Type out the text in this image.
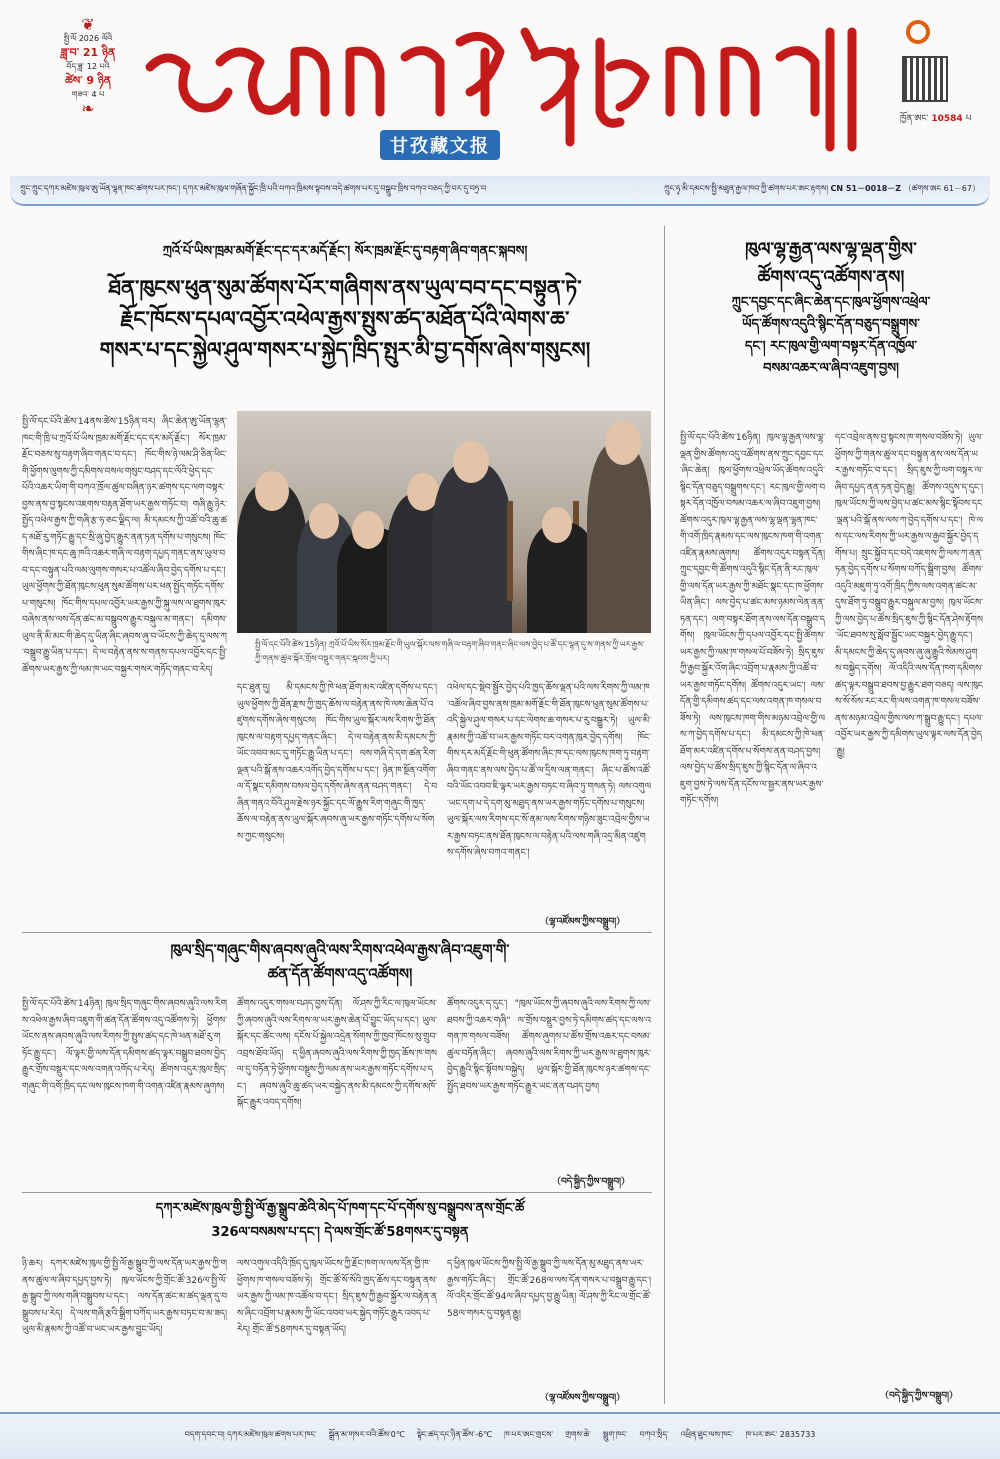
❦
སྤྱི་ལོ 2026 ལོའི
ཟླ་བ་ 21 ཉིན
བོད་ཟླ་ 12 པའི
ཚེས་ 9 ཉིན
གཟའ་ 4 པ
❧
甘孜藏文报
ཁྱོན་ཨང་ 10584 པ
ཀྲུང་ཀྲུང་དཀར་མཛེས་ཁུལ་ཨུ་ཡོན་ལྷན་ཁང་ཚགས་པར་ཁང་། དཀར་མཛེས་ཁུལ་གཞོན་སྐྱོང་ཁྲི་པའི་བཀའ་ཁྲིམས་སྟབས་བདེ་ཚགས་པར་དུ་བསྒྲུབ་ཁྲིས་བཀའ་བཅད་ཀྱི་བར་དུ་བཏྲ་བ	ཀྲུང་ཧྭ་མི་དམངས་སྤྱི་མཐུན་རྒྱལ་ཁབ་ཀྱི་ཚགས་པར་ཨང་རྟགས། CN 51－0018－Z （ཚགས་ཨང 61－67）
ཀྲའོ་པོ་ཡིས་ཁྲམ་མགོ་རྗོང་དང་དར་མདོ་རྗོང་། སོར་ཁྲམ་རྗོང་དུ་བརྟག་ཞིབ་གནང་སྐབས།
ཐོན་ཁུངས་ཕུན་སུམ་ཚོགས་པོར་གཞིགས་ནས་ཡུལ་བབ་དང་བསྟུན་ཏེ་
རྗོང་ཁོངས་དཔལ་འབྱོར་འཕེལ་རྒྱས་སྤུས་ཚད་མཐོན་པོའི་ལེགས་ཆ་
གསར་པ་དང་སྐྱེལ་ཤུལ་གསར་པ་སྐྱེད་ཁྲིད་སྤུར་མི་བྱ་དགོས་ཞེས་གསུངས།
སྤྱི་ལོ་དང་པོའི་ཚེས་14ནས་ཚེས་15ཉིན་བར། ཞིང་ཆེན་ཨུ་ཡོན་ལྷན་ཁང་གི་ཁྲི་པ་ཀྲའོ་པོ་ཡིས་ཁྲམ་མགོ་རྗོང་དང་དར་མདོ་རྗོང་། སོར་ཁྲམ་རྗོང་བཅས་སུ་བརྟག་ཞིབ་གནང་བ་དང་། ཁོང་གིས་ཉེ་ལམ་ཤི་ཅིན་ཕིང་གི་ཕྱོགས་ལུགས་ཀྱི་དམིགས་བསལ་གསུང་བཤད་དང་ལོའི་ཕྱེད་དང་པོའི་འཆར་ཡིག་གི་བཀའ་ཁྲོལ་ཚུལ་བཞིན་ཉར་ཚགས་དང་ལག་བསྟར་བྱས་ནས་བྱ་སྟངས་འཇགས་བརྟན་ཐོག་ཡར་རྒྱས་གཏོང་བ། གཞི་རྒྱུ་ཉེར་སྤྱོད་འཕེལ་རྒྱས་ཀྱི་གཞི་རྩ་ཧ་ཅང་ལྗིད་ལ། མི་དམངས་ཀྱི་འཚོ་བའི་ཆུ་ཚད་མཐོ་རུ་གཏོང་རྒྱུ་དང་སྲི་ཞུ་བྱེད་རྒྱུར་ནན་ཏན་དགོས་པ་གསུངས། ཁོང་གིས་ཞིང་ཁ་དང་ཆུ་ཁའི་འཆར་གཞི་ལ་བརྟག་དཔྱད་གནང་ནས་ཡུལ་བབ་དང་བསྟུན་པའི་ལམ་ལུགས་གསར་པ་འཚོལ་ཞིབ་བྱེད་དགོས་པ་དང་། ཡུལ་ཕྱོགས་ཀྱི་ཐོན་ཁུངས་ཕུན་སུམ་ཚོགས་པར་ཕན་སྤྱོད་གཏོང་དགོས་པ་གསུངས། ཁོང་གིས་དཔལ་འབྱོར་ཡར་རྒྱས་ཀྱི་སྐུ་ལས་ལ་ཐུགས་ཁུར་བཞེས་ནས་ལས་དོན་ཚང་མ་བསྒྲུབས་རྒྱུར་བསྐུལ་མ་གནང་། དམིགས་ཡུལ་ནི་མི་མང་གི་ཆེད་དུ་ཡིན་ཞིང་ཞབས་ཞུ་བ་ཡོངས་ཀྱི་ཆེད་དུ་ལས་ཀ་བསྒྲུབ་རྒྱུ་ཡིན་པ་དང་། དེ་ལ་བརྟེན་ནས་ས་གནས་དཔལ་འབྱོར་དང་སྤྱི་ཚོགས་ཡར་རྒྱས་ཀྱི་ལམ་ཁ་ཡང་བསྐྱར་གསར་གཏོད་གནང་བ་རེད།
སྤྱི་ལོ་དང་པོའི་ཚེས་15ཉིན། ཀྲའོ་པོ་ཡིས་སོར་ཁྲམ་རྗོང་གི་ཡུལ་སྐོར་ལས་གཞི་ལ་བརྟག་ཞིབ་གནང་ཞིང་ལས་བྱེད་པ་ཚོ་དང་ལྷན་དུ་ས་གནས་ཀྱི་ཡར་རྒྱས་ཀྱི་གནས་ཚུལ་སྐོར་གྲོས་བསྡུར་གནང་སྐབས་ཀྱི་པར།
དང་ཐུན་དུ། མི་དམངས་ཀྱི་ཁེ་ཕན་ཐོག་མར་འཛིན་དགོས་པ་དང་། ཡུལ་ཕྱོགས་ཀྱི་ཐོན་རྫས་ཀྱི་ཁྱད་ཆོས་ལ་བརྟེན་ནས་ཁེ་ལས་ཆེན་པོ་འཛུགས་དགོས་ཞེས་གསུངས། ཁོང་གིས་ཡུལ་སྐོར་ལས་རིགས་ཀྱི་ཐོན་ཁུངས་ལ་བརྟག་དཔྱད་གནང་ཞིང་། དེ་ལ་བརྟེན་ནས་མི་དམངས་ཀྱི་ཡོང་འབབ་མང་དུ་གཏོང་རྒྱུ་ཡིན་པ་དང་། ལས་གཞི་དེ་དག་ཚན་རིག་ལྡན་པའི་སྒོ་ནས་འཆར་འགོད་བྱེད་དགོས་པ་དང་། ཉེན་ཁ་སྔོན་འགོག་ལ་དོ་སྣང་དམིགས་བསལ་བྱེད་དགོས་ཞེས་ནན་བཤད་གནང་། དེ་བཞིན་གནའ་བོའི་ཤུལ་རྗེས་ཉར་སྐྱོང་དང་ལོ་རྒྱུས་རིག་གཞུང་གི་ཁྱད་ཆོས་ལ་བརྟེན་ནས་ཡུལ་སྐོར་ཞབས་ཞུ་ཡར་རྒྱས་གཏོང་དགོས་པ་སོགས་ཀྱང་གསུངས།
འཕེལ་དང་སྡེབ་སྦྱོར་བྱེད་པའི་ཁྱད་ཆོས་ལྡན་པའི་ལས་རིགས་ཀྱི་ལམ་ཁ་འཚོལ་ཞིབ་བྱས་ནས་ཁྲམ་མགོ་རྗོང་གི་ཐོན་ཁུངས་ཕུན་སུམ་ཚོགས་པ་འདི་སྐྱེལ་ཤུལ་གསར་པ་དང་ལེགས་ཆ་གསར་པ་རུ་བསྒྱུར་ཏེ། ཡུལ་མི་རྣམས་ཀྱི་འཚོ་བ་ཡར་རྒྱས་གཏོང་བར་འགན་ཁུར་བྱེད་དགོས། ཁོང་གིས་དར་མདོ་རྗོང་གི་ཕུན་ཚོགས་ཞིང་ཁ་དང་ལས་ཁུངས་ཁག་ཏུ་བརྟག་ཞིབ་གནང་ནས་ལས་བྱེད་པ་ཚོ་ལ་དྲིས་ལན་གནང་། ཞིང་པ་ཚོས་འཚོ་བའི་ཡོང་འབབ་ཇི་ལྟར་ཡར་རྒྱས་བཏང་བ་ཞིབ་ཏུ་གསན་ཏེ། ལས་འགུལ་ཡང་དག་པ་དེ་དག་མུ་མཐུད་ནས་ཡར་རྒྱས་གཏོང་དགོས་པ་གསུངས། ཡུལ་སྐོར་ལས་རིགས་དང་སོ་ནམ་ལས་རིགས་གཉིས་ཟུང་འབྲེལ་གྱིས་ཡར་རྒྱས་བཏང་ནས་ཐོན་ཁུངས་ལ་བརྟེན་པའི་ལས་གཞི་འདྲ་མིན་འཛུགས་དགོས་ཞེས་བཀའ་གནང་།
（ལྷ་འཛོམས་ཀྱིས་བསྒྲུབ།）
ཁུལ་སྲིད་གཞུང་གིས་ཞབས་ཞུའི་ལས་རིགས་འཕེལ་རྒྱས་ཞིབ་འཇུག་གི་
ཚན་དོན་ཚོགས་འདུ་འཚོགས།
སྤྱི་ལོ་དང་པོའི་ཚེས་14ཉིན། ཁུལ་སྲིད་གཞུང་གིས་ཞབས་ཞུའི་ལས་རིགས་འཕེལ་རྒྱས་ཞིབ་འཇུག་གི་ཚན་དོན་ཚོགས་འདུ་འཚོགས་ཏེ། ཕྱོགས་ཡོངས་ནས་ཞབས་ཞུའི་ལས་རིགས་ཀྱི་སྤུས་ཚད་དང་ཁེ་ཕན་མཐོ་རུ་གཏོང་རྒྱུ་དང་། ལོ་ལྟར་གྱི་ལས་དོན་དམིགས་ཚད་ལྟར་བསྒྲུབ་ཐབས་བྱེད་རྒྱུར་གྲོས་བསྡུར་དང་ལས་འགན་འགོད་པ་རེད། ཚོགས་འདུར་ཁུལ་སྲིད་གཞུང་གི་འགོ་ཁྲིད་དང་ལས་ཁུངས་ཁག་གི་འགན་འཛིན་རྣམས་ཞུགས།
ཚོགས་འདུར་གསལ་བཤད་བྱས་དོན། ལོ་ཤས་ཀྱི་རིང་ལ་ཁུལ་ཡོངས་ཀྱི་ཞབས་ཞུའི་ལས་རིགས་ལ་ཡར་རྒྱས་ཆེན་པོ་བྱུང་ཡོད་པ་དང་། ཡུལ་སྐོར་དང་ཚོང་ལས། དངོས་པོ་སྐྱེལ་འདྲེན་སོགས་ཀྱི་ཁྱབ་ཁོངས་སུ་གྲུབ་འབྲས་ཐོབ་ཡོད། ད་ཕྱིན་ཞབས་ཞུའི་ལས་རིགས་ཀྱི་ཁྱད་ཆོས་ཁ་གསལ་དུ་བཏོན་ཏེ་ཕྱོགས་བསྡུས་ཀྱི་ལམ་ནས་ཡར་རྒྱས་གཏོང་དགོས་པ་དང་། ཞབས་ཞུའི་ཆུ་ཚད་ཡར་བསྐྱེད་ནས་མི་དམངས་ཀྱི་དགོས་མཁོ་སྐོང་རྒྱུར་འབད་དགོས།
ཚོགས་འདུར་ད་དུང་། "ཁུལ་ཡོངས་ཀྱི་ཞབས་ཞུའི་ལས་རིགས་ཀྱི་ལས་ཐབས་ཀྱི་འཆར་གཞི" ལ་གྲོས་བསྡུར་བྱས་ཏེ་དམིགས་ཚད་དང་ལས་འགན་ཁ་གསལ་བཟོས། ཚོགས་ཞུགས་པ་ཚོས་གྲོས་འཆར་དང་བསམ་ཚུལ་བཏོན་ཞིང་། ཞབས་ཞུའི་ལས་རིགས་ཀྱི་ཡར་རྒྱས་ལ་ཐུགས་ཁུར་བྱེད་རྒྱུའི་སྙིང་སྟོབས་བསྐྱེད། ཡུལ་སྐོར་གྱི་ཐོན་ཁུངས་ཉར་ཚགས་དང་སྤྱོད་ཐབས་ཡར་རྒྱས་གཏོང་རྒྱུར་ཡང་ནན་བཤད་བྱས།
（བདེ་སྐྱིད་ཀྱིས་བསྒྲུབ།）
དཀར་མཛེས་ཁུལ་གྱི་སྤྱི་ལོ་རྒྱ་སྒྲུབ་ཆེའི་མེད་པོ་ཁག་དང་པོ་དགོས་སུ་བསྒྲུབས་ནས་གྲོང་ཚོ
326ལ་བསམས་པ་དང་། དེ་ལས་གྲོང་ཚོ་58གསར་དུ་བསྟན
ཉི་ཆར། དཀར་མཛེས་ཁུལ་གྱི་སྤྱི་ལོ་རྒྱ་སྒྲུབ་ཀྱི་ལས་དོན་ཡར་རྒྱས་ཀྱི་གནས་ཚུལ་ལ་ཞིབ་དཔྱད་བྱས་ཏེ། ཁུལ་ཡོངས་ཀྱི་གྲོང་ཚོ་326ལ་སྤྱི་ལོ་རྒྱ་སྒྲུབ་ཀྱི་ལས་གཞི་བསྒྲུབས་པ་དང་། ལས་དོན་ཚང་མ་ཚད་ལྡན་དུ་བསྒྲུབས་པ་རེད། དེ་ལས་གཞི་རྩའི་སྒྲིག་བཀོད་ཡར་རྒྱས་བཏང་བ་མ་ཟད། ཡུལ་མི་རྣམས་ཀྱི་འཚོ་བ་ཡང་ཡར་རྒྱས་བྱུང་ཡོད།
ལས་འགུལ་འདིའི་ཁྲོད་དུ་ཁུལ་ཡོངས་ཀྱི་རྗོང་ཁག་ལ་ལས་དོན་གྱི་ཁ་ཕྱོགས་ཁ་གསལ་བཟོས་ཏེ། གྲོང་ཚོ་སོ་སོའི་ཁྱད་ཆོས་དང་བསྟུན་ནས་ཡར་རྒྱས་ཀྱི་ལམ་ཁ་འཚོལ་བ་དང་། སྲིད་ཇུས་ཀྱི་རྒྱབ་སྐྱོར་ལ་བརྟེན་ནས་ཞིང་འབྲོག་པ་རྣམས་ཀྱི་ཡོང་འབབ་ཡར་སྐྱེད་གཏོང་རྒྱུར་འབད་པ་རེད། གྲོང་ཚོ་58གསར་དུ་བསྟན་ཡོད།
ད་ཕྱིན་ཁུལ་ཡོངས་ཀྱིས་སྤྱི་ལོ་རྒྱ་སྒྲུབ་ཀྱི་ལས་དོན་མུ་མཐུད་ནས་ཡར་རྒྱས་གཏོང་ཞིང་། གྲོང་ཚོ་268ལ་ལས་དོན་གསར་པ་བསྒྲུབ་རྒྱུ་དང་། ལོ་འདིར་གྲོང་ཚོ་94ལ་ཞིབ་དཔྱད་བྱ་རྒྱུ་ཡིན། ལོ་ཤས་ཀྱི་རིང་ལ་གྲོང་ཚོ་58ལ་གསར་དུ་བསྟན་རྒྱུ།
（ལྷ་འཛོམས་ཀྱིས་བསྒྲུབ།）
ཁུལ་ལྷ་རྒྱན་ལས་ལྷ་ལྡན་གྱིས་
ཚོགས་འདུ་འཚོགས་ནས།
ཀྲུང་དབྱང་དང་ཞིང་ཆེན་དང་ཁུལ་ཕྱོགས་འཕྲེལ་
ཡོད་ཚོགས་འདུའི་སྙིང་དོན་བཅུད་བསྒྲུགས་
དང་། རང་ཁུལ་གྱི་ལག་བསྟར་དོན་འཁྱོལ་
བསམ་འཆར་ལ་ཞིབ་འཇུག་བྱས།
སྤྱི་ལོ་དང་པོའི་ཚེས་16ཉིན། ཁུལ་ལྷ་རྒྱན་ལས་ལྷ་ལྡན་གྱིས་ཚོགས་འདུ་འཚོགས་ནས་ཀྲུང་དབྱང་དང་ཞིང་ཆེན། ཁུལ་ཕྱོགས་འཕྲེལ་ཡོད་ཚོགས་འདུའི་སྙིང་དོན་བཅུད་བསྒྲུགས་དང་། རང་ཁུལ་གྱི་ལག་བསྟར་དོན་འཁྱོལ་བསམ་འཆར་ལ་ཞིབ་འཇུག་བྱས། ཚོགས་འདུར་ཁུལ་ལྷ་རྒྱན་ལས་ལྷ་ལྡན་ལྷན་ཁང་གི་འགོ་ཁྲིད་རྣམས་དང་ལས་ཁུངས་ཁག་གི་འགན་འཛིན་རྣམས་ཞུགས། ཚོགས་འདུར་བསྟན་དོན། ཀྲུང་དབྱང་གི་ཚོགས་འདུའི་སྙིང་དོན་ནི་རང་ཁུལ་གྱི་ལས་དོན་ཡར་རྒྱས་ཀྱི་མཐོང་སྣང་དང་ཁ་ཕྱོགས་ཡིན་ཞིང་། ལས་བྱེད་པ་ཚང་མས་ཉམས་ལེན་ནན་ཏན་དང་། ལག་བསྟར་ཐོག་ནས་ལས་དོན་བསྒྲུབ་དགོས། ཁུལ་ཡོངས་ཀྱི་དཔལ་འབྱོར་དང་སྤྱི་ཚོགས་ཡར་རྒྱས་ཀྱི་ལམ་ཁ་གསལ་པོ་བཟོས་ཏེ། སྲིད་ཇུས་ཀྱི་རྒྱབ་སྐྱོར་འོག་ཞིང་འབྲོག་པ་རྣམས་ཀྱི་འཚོ་བ་ཡར་རྒྱས་གཏོང་དགོས། ཚོགས་འདུར་ཡང་། ལས་དོན་གྱི་དམིགས་ཚད་དང་ལས་འགན་ཁ་གསལ་བཟོས་ཏེ། ལས་ཁུངས་ཁག་གིས་མཉམ་འབྲེལ་གྱི་ལས་ཀ་བྱེད་དགོས་པ་དང་། མི་དམངས་ཀྱི་ཁེ་ཕན་ཐོག་མར་འཛིན་དགོས་པ་སོགས་ནན་བཤད་བྱས། ལས་བྱེད་པ་ཚོས་སྲིད་ཇུས་ཀྱི་སྙིང་དོན་ལ་ཞིབ་འཇུག་བྱས་ཏེ་ལས་དོན་དངོས་ལ་སྦྱར་ནས་ཡར་རྒྱས་གཏོང་དགོས།
དང་འབྲེལ་ནས་བྱ་སྟངས་ཁ་གསལ་བཟོས་ཏེ། ཡུལ་ཕྱོགས་ཀྱི་གནས་ཚུལ་དང་བསྟུན་ནས་ལས་དོན་ཡར་རྒྱས་གཏོང་བ་དང་། སྲིད་ཇུས་ཀྱི་ལག་བསྟར་ལ་ཞིབ་དཔྱད་ནན་ཏན་བྱེད་རྒྱུ། ཚོགས་འདུས་ད་དུང་། ཁུལ་ཡོངས་ཀྱི་ལས་བྱེད་པ་ཚང་མས་སྙིང་སྟོབས་དང་ལྡན་པའི་སྒོ་ནས་ལས་ཀ་བྱེད་དགོས་པ་དང་། ཁེ་ལས་དང་ལས་རིགས་ཀྱི་ཡར་རྒྱས་ལ་རྒྱབ་སྐྱོར་བྱེད་དགོས་པ། སྲུང་སྐྱོབ་དང་བདེ་འཇགས་ཀྱི་ལས་ཀ་ནན་ཏན་བྱེད་དགོས་པ་སོགས་བཀོད་སྒྲིག་བྱས། ཚོགས་འདུའི་མཇུག་ཏུ་འགོ་ཁྲིད་ཀྱིས་ལས་འགན་ཚང་མ་དུས་ཐོག་ཏུ་བསྒྲུབ་རྒྱུར་བསྐུལ་མ་བྱས། ཁུལ་ཡོངས་ཀྱི་ལས་བྱེད་པ་ཚོས་སྲིད་ཇུས་ཀྱི་སྙིང་དོན་ཤེས་རྟོགས་ཡོང་ཐབས་སུ་སློབ་སྦྱོང་ཡང་བསྐྱར་བྱེད་རྒྱུ་དང་། མི་དམངས་ཀྱི་ཆེད་དུ་ཞབས་ཞུ་ཞུ་རྒྱུའི་སེམས་ཤུགས་བསྐྱེད་དགོས། ལོ་འདིའི་ལས་དོན་ཁག་དམིགས་ཚད་ལྟར་བསྒྲུབ་ཐབས་བྱ་རྒྱུར་ཐག་བཅད། ལས་ཁུངས་སོ་སོས་རང་རང་གི་ལས་འགན་ཁ་གསལ་བཟོས་ནས་མཉམ་འབྲེལ་གྱིས་ལས་ཀ་སྒྲུབ་རྒྱུ་དང་། དཔལ་འབྱོར་ཡར་རྒྱས་ཀྱི་དམིགས་ཡུལ་ལྟར་ལས་དོན་བྱེད་རྒྱུ།
（བདེ་སྐྱིད་ཀྱིས་བསྒྲུབ།）
བདག་དབང་བ། དཀར་མཛེས་ཁུལ་ཚགས་པར་ཁང་ སྒྲོན་མ་གསར་བའི་ཚོས་0℃ སྟེང་ཚད་དང་ཉིན་ཚོས་-6℃ ཁ་པར་ཨང་གྲངས་ གྲགས་ཆེ་ སྦྲུག་ཁང་ བཀའ་སྲིད་ འཕྲིན་ཐུང་ལས་ཁང་ ཁ་པར་ཨང་ 2835733
